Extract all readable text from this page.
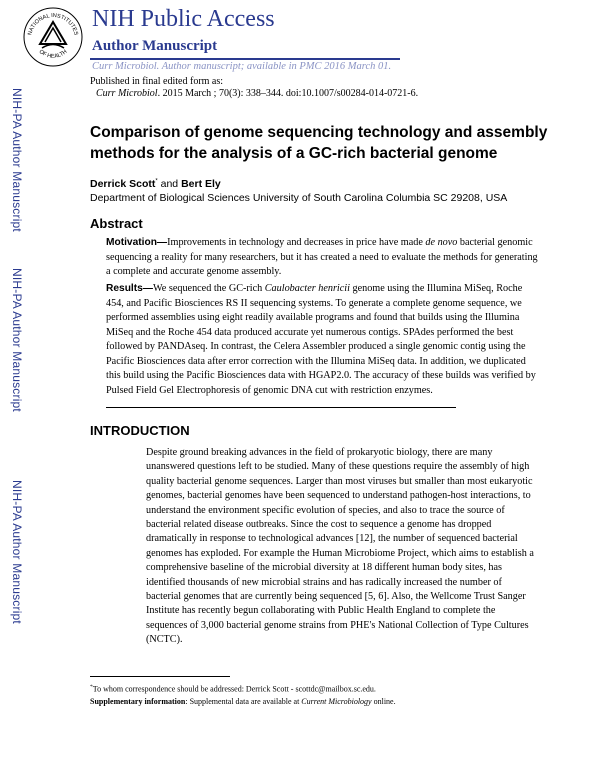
NATIONAL INSTITUTES
OF HEALTH
NIH Public Access
Author Manuscript
Curr Microbiol. Author manuscript; available in PMC 2016 March 01.
Published in final edited form as:
Curr Microbiol. 2015 March ; 70(3): 338–344. doi:10.1007/s00284-014-0721-6.
NIH-PA Author Manuscript
NIH-PA Author Manuscript
NIH-PA Author Manuscript
Comparison of genome sequencing technology and assembly methods for the analysis of a GC-rich bacterial genome
Derrick Scott* and Bert Ely
Department of Biological Sciences University of South Carolina Columbia SC 29208, USA
Abstract
Motivation—Improvements in technology and decreases in price have made de novo bacterial genomic sequencing a reality for many researchers, but it has created a need to evaluate the methods for generating a complete and accurate genome assembly.
Results—We sequenced the GC-rich Caulobacter henricii genome using the Illumina MiSeq, Roche 454, and Pacific Biosciences RS II sequencing systems. To generate a complete genome sequence, we performed assemblies using eight readily available programs and found that builds using the Illumina MiSeq and the Roche 454 data produced accurate yet numerous contigs. SPAdes performed the best followed by PANDAseq. In contrast, the Celera Assembler produced a single genomic contig using the Pacific Biosciences data after error correction with the Illumina MiSeq data. In addition, we duplicated this build using the Pacific Biosciences data with HGAP2.0. The accuracy of these builds was verified by Pulsed Field Gel Electrophoresis of genomic DNA cut with restriction enzymes.
INTRODUCTION
Despite ground breaking advances in the field of prokaryotic biology, there are many unanswered questions left to be studied. Many of these questions require the assembly of high quality bacterial genome sequences. Larger than most viruses but smaller than most eukaryotic genomes, bacterial genomes have been sequenced to understand pathogen-host interactions, to understand the environment specific evolution of species, and also to trace the source of bacterial related disease outbreaks. Since the cost to sequence a genome has dropped dramatically in response to technological advances [12], the number of sequenced bacterial genomes has exploded. For example the Human Microbiome Project, which aims to establish a comprehensive baseline of the microbial diversity at 18 different human body sites, has identified thousands of new microbial strains and has radically increased the number of bacterial genomes that are currently being sequenced [5, 6]. Also, the Wellcome Trust Sanger Institute has recently begun collaborating with Public Health England to complete the sequences of 3,000 bacterial genome strains from PHE's National Collection of Type Cultures (NCTC).
*To whom correspondence should be addressed: Derrick Scott - scottdc@mailbox.sc.edu.
Supplementary information: Supplemental data are available at Current Microbiology online.
